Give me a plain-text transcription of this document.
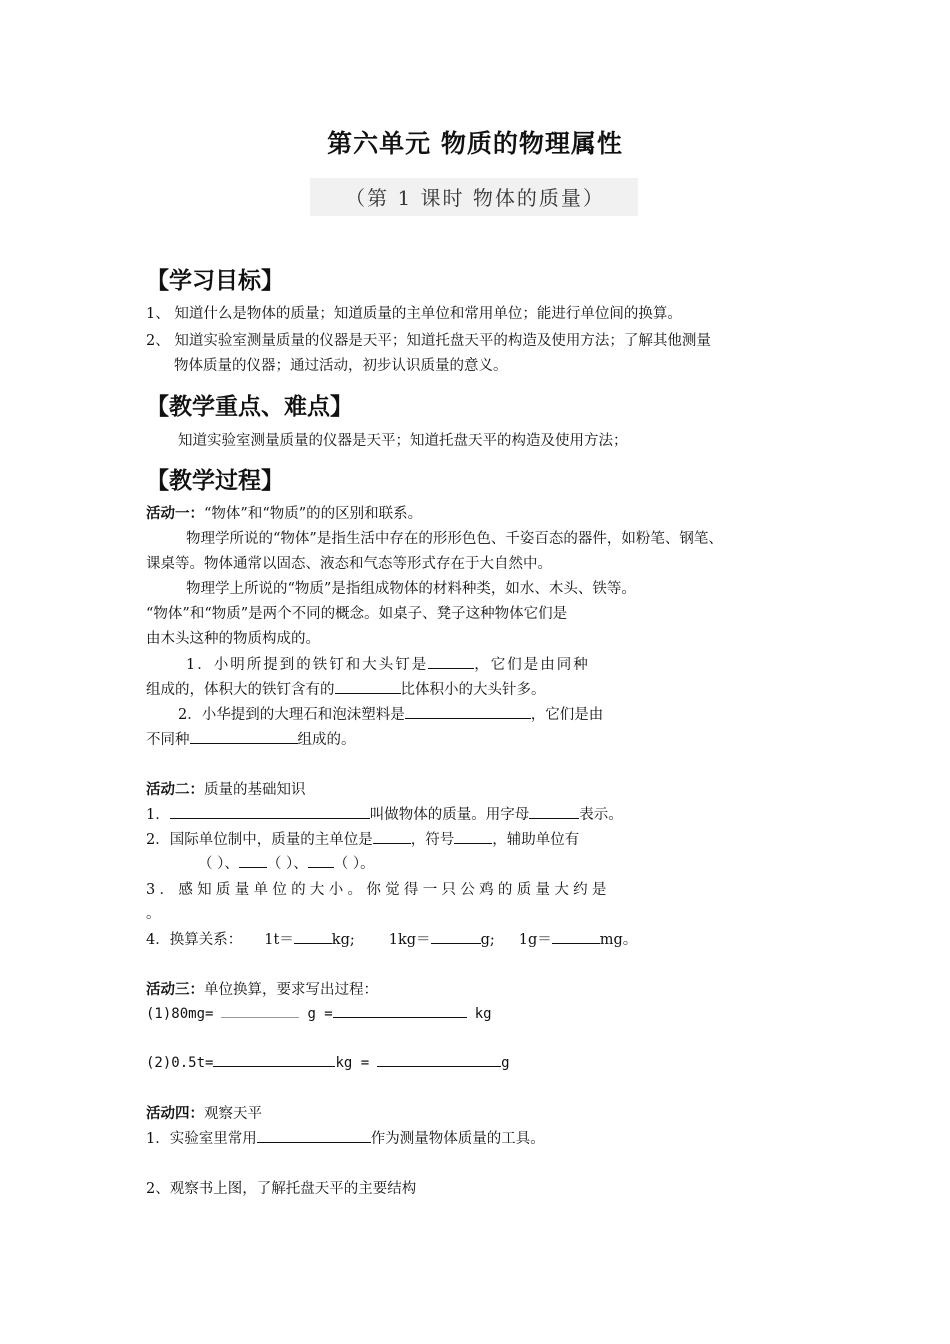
第六单元 物质的物理属性
（第 1 课时 物体的质量）
【学习目标】
1、 知道什么是物体的质量；知道质量的主单位和常用单位；能进行单位间的换算。
2、 知道实验室测量质量的仪器是天平；知道托盘天平的构造及使用方法；了解其他测量
物体质量的仪器；通过活动，初步认识质量的意义。
【教学重点、难点】
知道实验室测量质量的仪器是天平；知道托盘天平的构造及使用方法；
【教学过程】
活动一：“物体”和“物质”的的区别和联系。
物理学所说的“物体”是指生活中存在的形形色色、千姿百态的器件，如粉笔、钢笔、
课桌等。物体通常以固态、液态和气态等形式存在于大自然中。
物理学上所说的“物质”是指组成物体的材料种类，如水、木头、铁等。
“物体”和“物质”是两个不同的概念。如桌子、凳子这种物体它们是
由木头这种的物质构成的。
1．小明所提到的铁钉和大头钉是	，它们是由同种
组成的，体积大的铁钉含有的	比体积小的大头针多。
2．小华提到的大理石和泡沫塑料是	，它们是由
不同种	组成的。
活动二：质量的基础知识
1．	叫做物体的质量。用字母	表示。
2．国际单位制中，质量的主单位是	，符号	，辅助单位有
（ ）、 （ ）、 （ ）。
3．感知质量单位的大小。你觉得一只公鸡的质量大约是
。
4．换算关系： 1t＝	kg; 1kg＝	g; 1g＝	mg。
活动三：单位换算，要求写出过程：
(1)80mg=	g =	kg
(2)0.5t=	kg =	g
活动四：观察天平
1．实验室里常用	作为测量物体质量的工具。
2、观察书上图，了解托盘天平的主要结构
